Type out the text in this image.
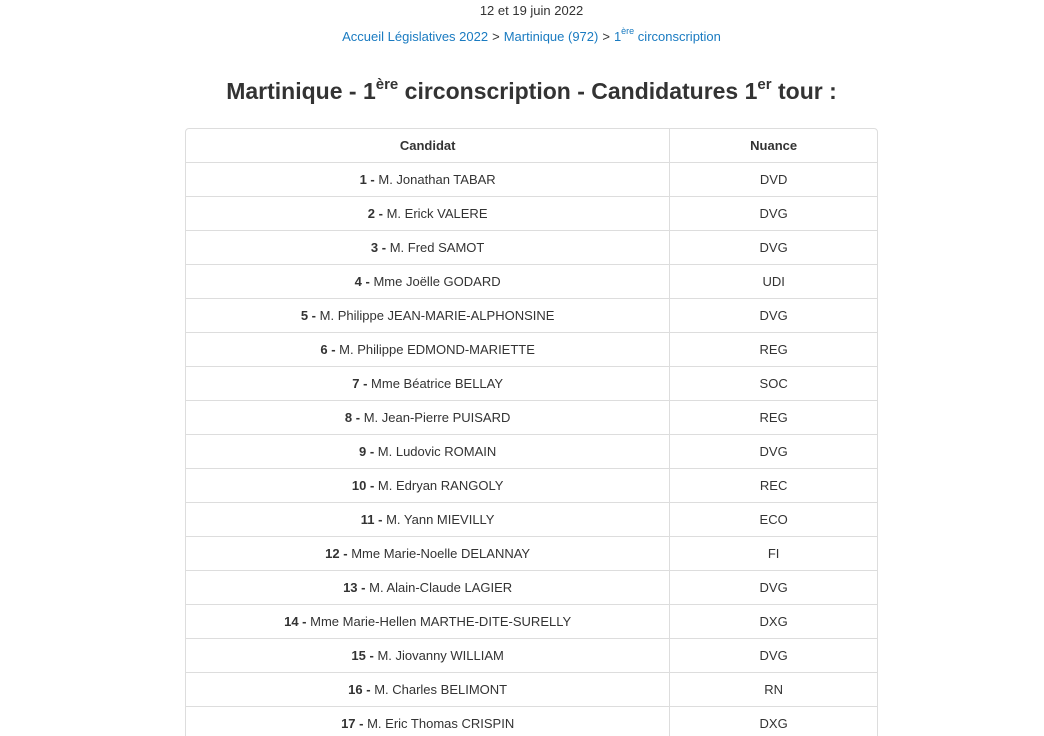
12 et 19 juin 2022
Accueil Législatives 2022 > Martinique (972) > 1ère circonscription
Martinique - 1ère circonscription - Candidatures 1er tour :
Candidat	Nuance
1 - M. Jonathan TABAR	DVD
2 - M. Erick VALERE	DVG
3 - M. Fred SAMOT	DVG
4 - Mme Joëlle GODARD	UDI
5 - M. Philippe JEAN-MARIE-ALPHONSINE	DVG
6 - M. Philippe EDMOND-MARIETTE	REG
7 - Mme Béatrice BELLAY	SOC
8 - M. Jean-Pierre PUISARD	REG
9 - M. Ludovic ROMAIN	DVG
10 - M. Edryan RANGOLY	REC
11 - M. Yann MIEVILLY	ECO
12 - Mme Marie-Noelle DELANNAY	FI
13 - M. Alain-Claude LAGIER	DVG
14 - Mme Marie-Hellen MARTHE-DITE-SURELLY	DXG
15 - M. Jiovanny WILLIAM	DVG
16 - M. Charles BELIMONT	RN
17 - M. Eric Thomas CRISPIN	DXG
